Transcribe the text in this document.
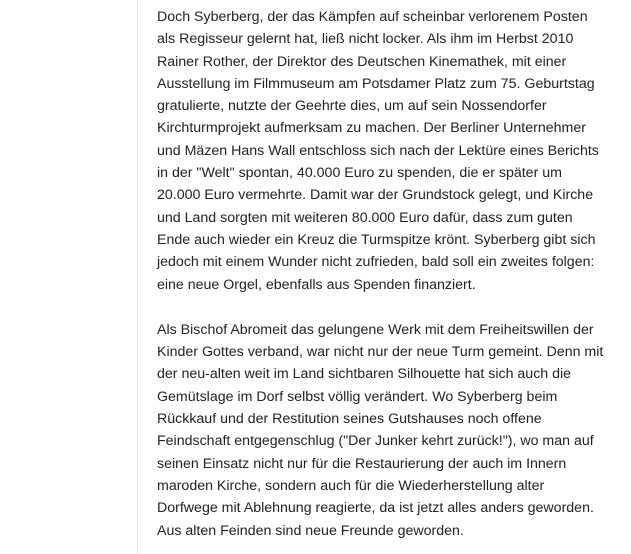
Doch Syberberg, der das Kämpfen auf scheinbar verlorenem Posten
als Regisseur gelernt hat, ließ nicht locker. Als ihm im Herbst 2010
Rainer Rother, der Direktor des Deutschen Kinemathek, mit einer
Ausstellung im Filmmuseum am Potsdamer Platz zum 75. Geburtstag
gratulierte, nutzte der Geehrte dies, um auf sein Nossendorfer
Kirchturmprojekt aufmerksam zu machen. Der Berliner Unternehmer
und Mäzen Hans Wall entschloss sich nach der Lektüre eines Berichts
in der "Welt" spontan, 40.000 Euro zu spenden, die er später um
20.000 Euro vermehrte. Damit war der Grundstock gelegt, und Kirche
und Land sorgten mit weiteren 80.000 Euro dafür, dass zum guten
Ende auch wieder ein Kreuz die Turmspitze krönt. Syberberg gibt sich
jedoch mit einem Wunder nicht zufrieden, bald soll ein zweites folgen:
eine neue Orgel, ebenfalls aus Spenden finanziert.

Als Bischof Abromeit das gelungene Werk mit dem Freiheitswillen der
Kinder Gottes verband, war nicht nur der neue Turm gemeint. Denn mit
der neu-alten weit im Land sichtbaren Silhouette hat sich auch die
Gemütslage im Dorf selbst völlig verändert. Wo Syberberg beim
Rückkauf und der Restitution seines Gutshauses noch offene
Feindschaft entgegenschlug ("Der Junker kehrt zurück!"), wo man auf
seinen Einsatz nicht nur für die Restaurierung der auch im Innern
maroden Kirche, sondern auch für die Wiederherstellung alter
Dorfwege mit Ablehnung reagierte, da ist jetzt alles anders geworden.
Aus alten Feinden sind neue Freunde geworden.
